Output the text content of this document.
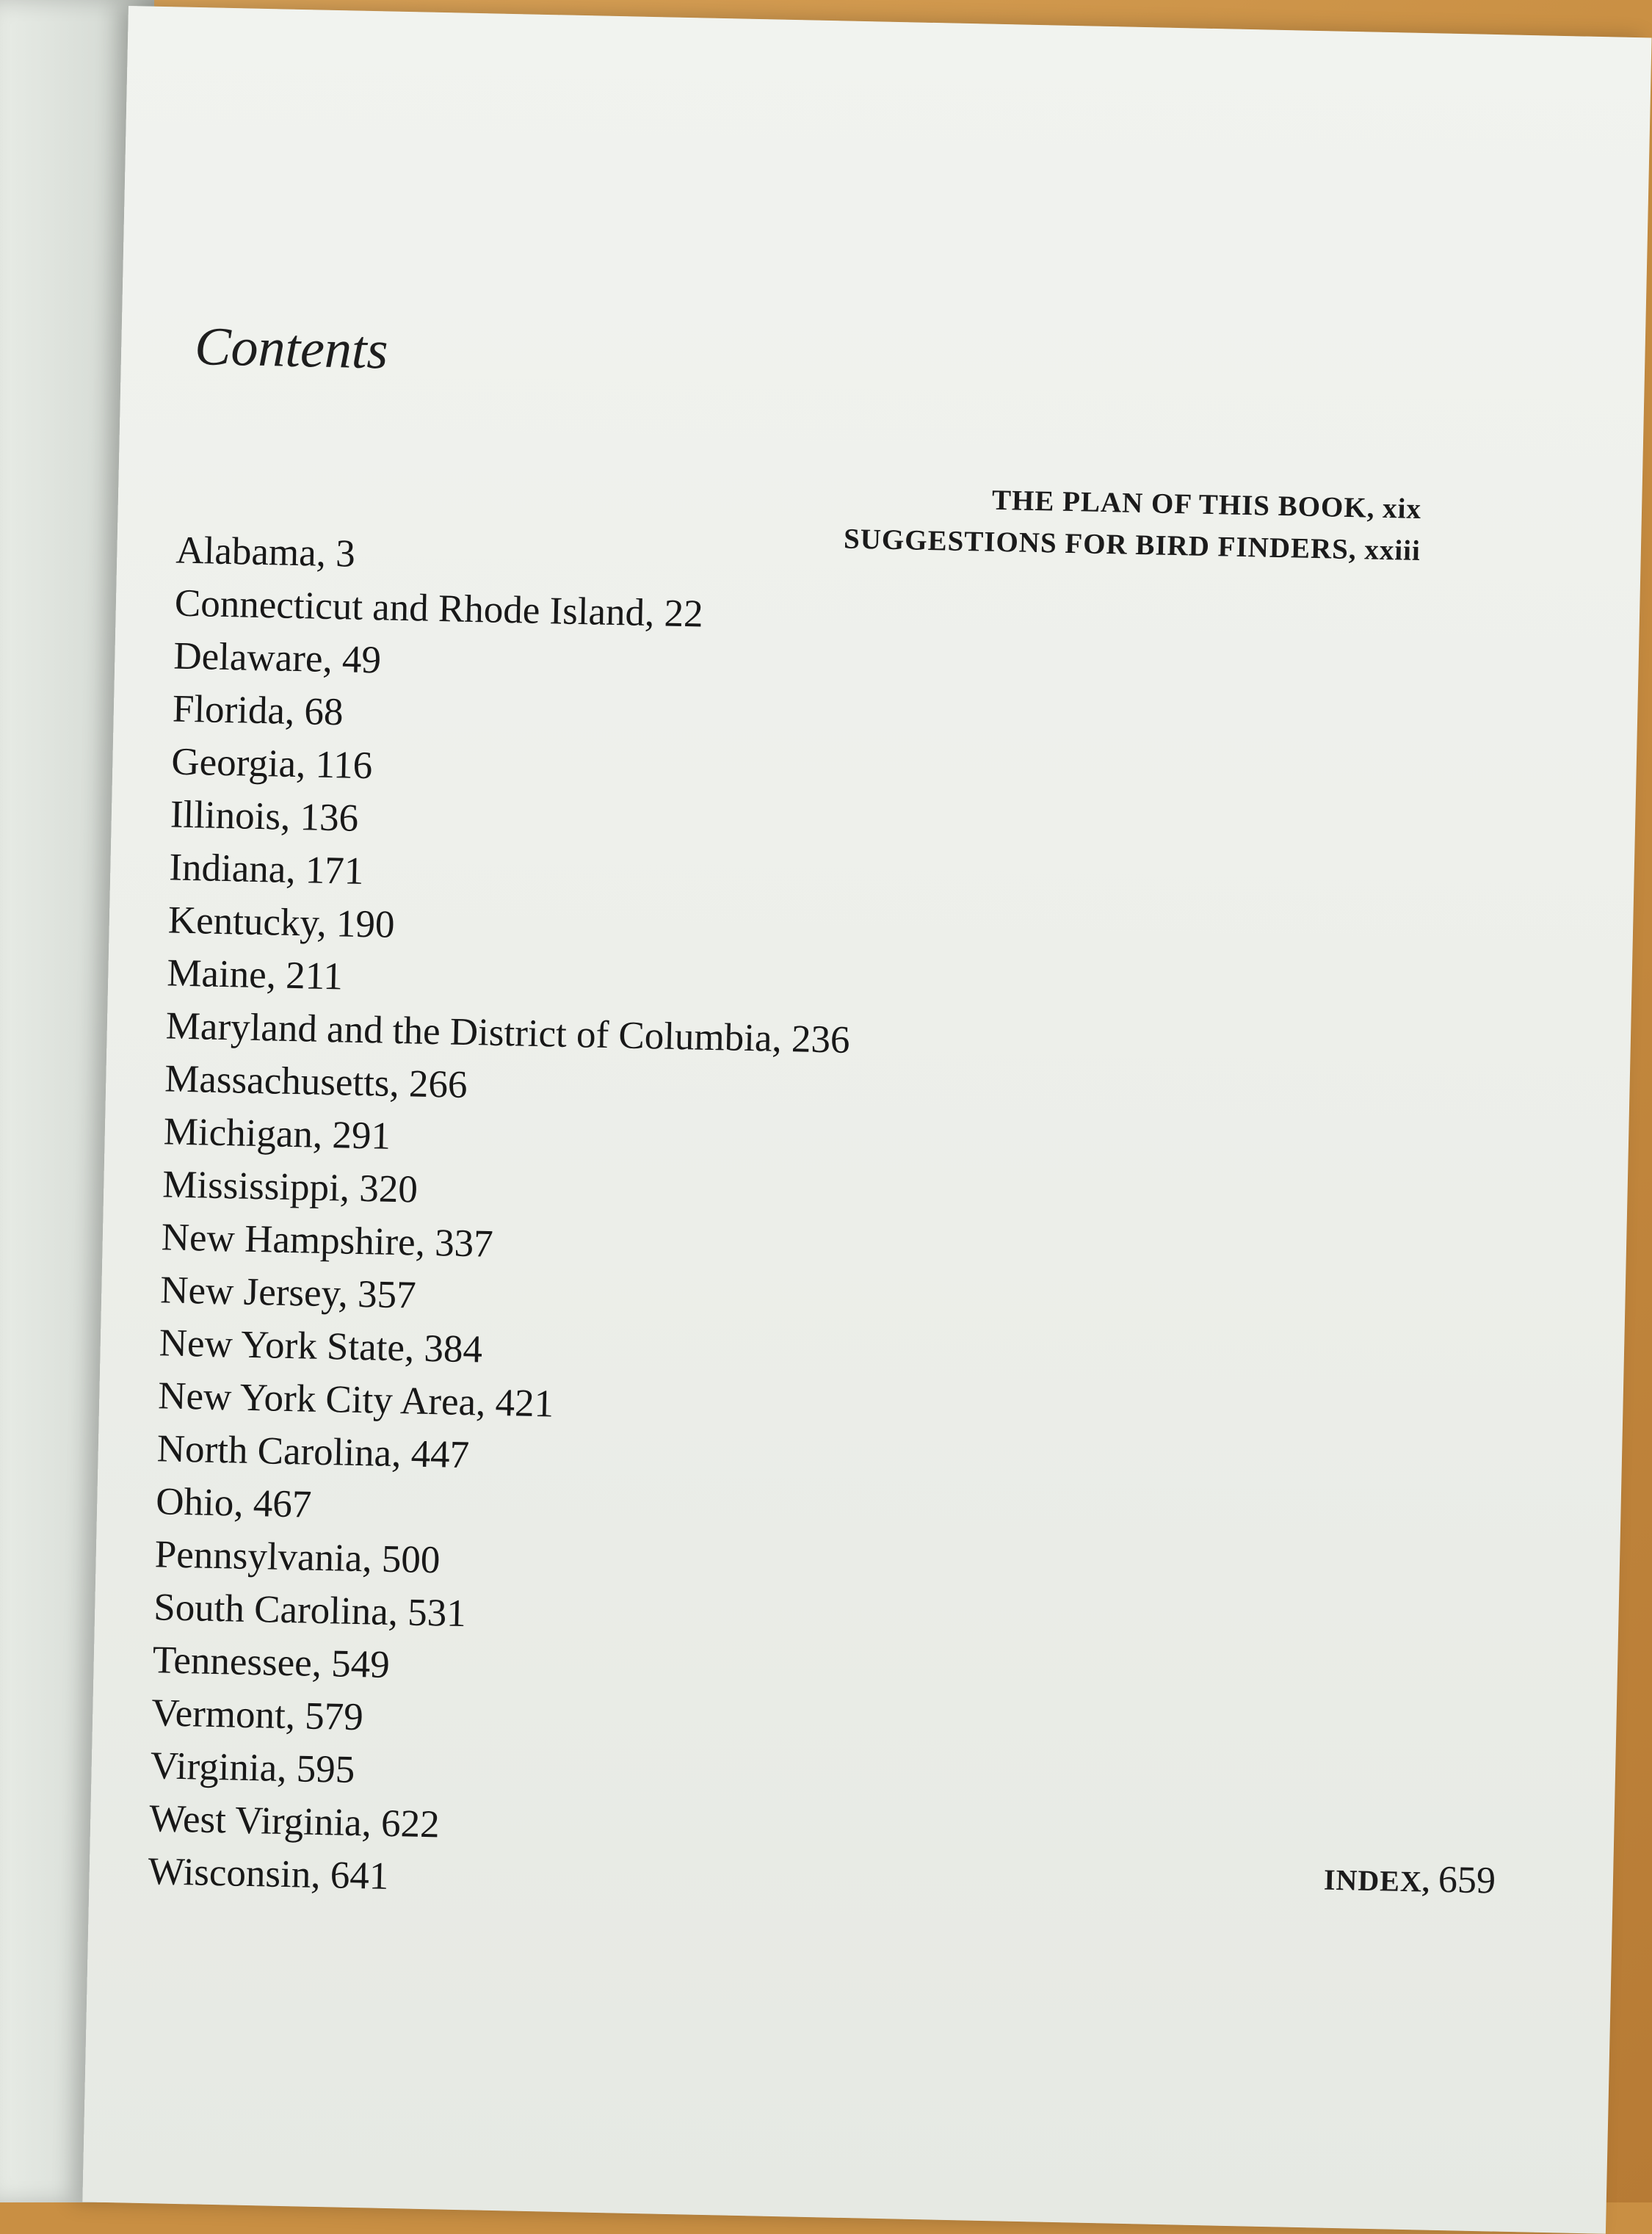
Contents
THE PLAN OF THIS BOOK, xix
SUGGESTIONS FOR BIRD FINDERS, xxiii
Alabama, 3
Connecticut and Rhode Island, 22
Delaware, 49
Florida, 68
Georgia, 116
Illinois, 136
Indiana, 171
Kentucky, 190
Maine, 211
Maryland and the District of Columbia, 236
Massachusetts, 266
Michigan, 291
Mississippi, 320
New Hampshire, 337
New Jersey, 357
New York State, 384
New York City Area, 421
North Carolina, 447
Ohio, 467
Pennsylvania, 500
South Carolina, 531
Tennessee, 549
Vermont, 579
Virginia, 595
West Virginia, 622
Wisconsin, 641	INDEX, 659
